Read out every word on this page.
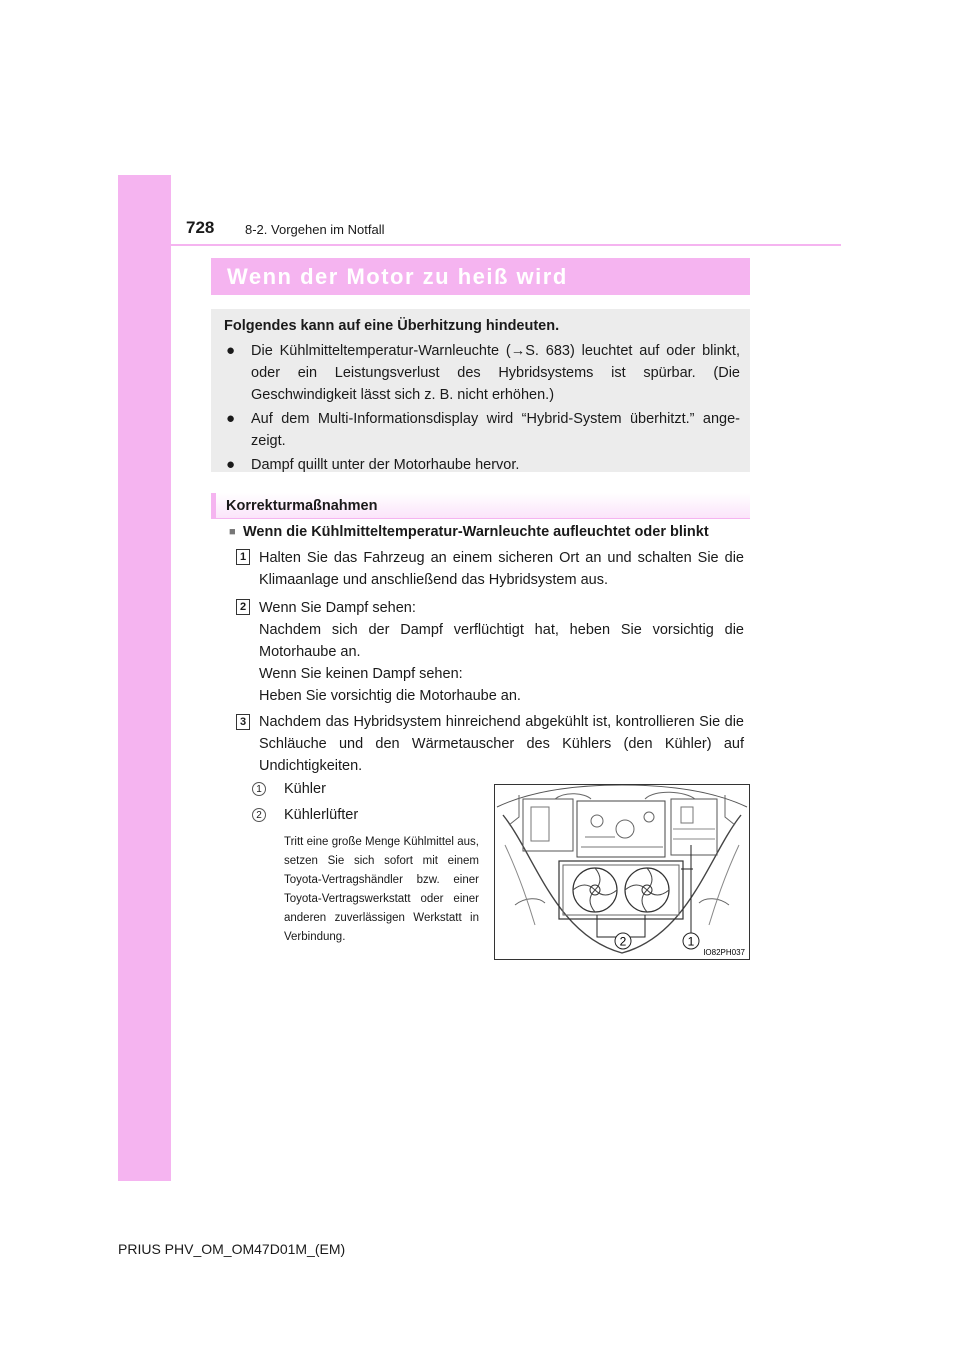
728 8-2. Vorgehen im Notfall
Wenn der Motor zu heiß wird
Folgendes kann auf eine Überhitzung hindeuten.
●	Die Kühlmitteltemperatur-Warnleuchte (→S. 683) leuchtet auf oder blinkt, oder ein Leistungsverlust des Hybridsystems ist spürbar. (Die Geschwindigkeit lässt sich z. B. nicht erhöhen.)
●	Auf dem Multi-Informationsdisplay wird “Hybrid-System überhitzt.” angezeigt.
●	Dampf quillt unter der Motorhaube hervor.
Korrekturmaßnahmen
■ Wenn die Kühlmitteltemperatur-Warnleuchte aufleuchtet oder blinkt
1 Halten Sie das Fahrzeug an einem sicheren Ort an und schalten Sie die Klimaanlage und anschließend das Hybridsystem aus.
2 Wenn Sie Dampf sehen:
Nachdem sich der Dampf verflüchtigt hat, heben Sie vorsichtig die Motorhaube an.
Wenn Sie keinen Dampf sehen:
Heben Sie vorsichtig die Motorhaube an.
3 Nachdem das Hybridsystem hinreichend abgekühlt ist, kontrollieren Sie die Schläuche und den Wärmetauscher des Kühlers (den Kühler) auf Undichtigkeiten.
1 Kühler
2 Kühlerlüfter
Tritt eine große Menge Kühlmittel aus, setzen Sie sich sofort mit einem Toyota-Vertragshändler bzw. einer Toyota-Vertragswerkstatt oder einer anderen zuverlässigen Werkstatt in Verbindung.	2	1
IO82PH037
PRIUS PHV_OM_OM47D01M_(EM)
